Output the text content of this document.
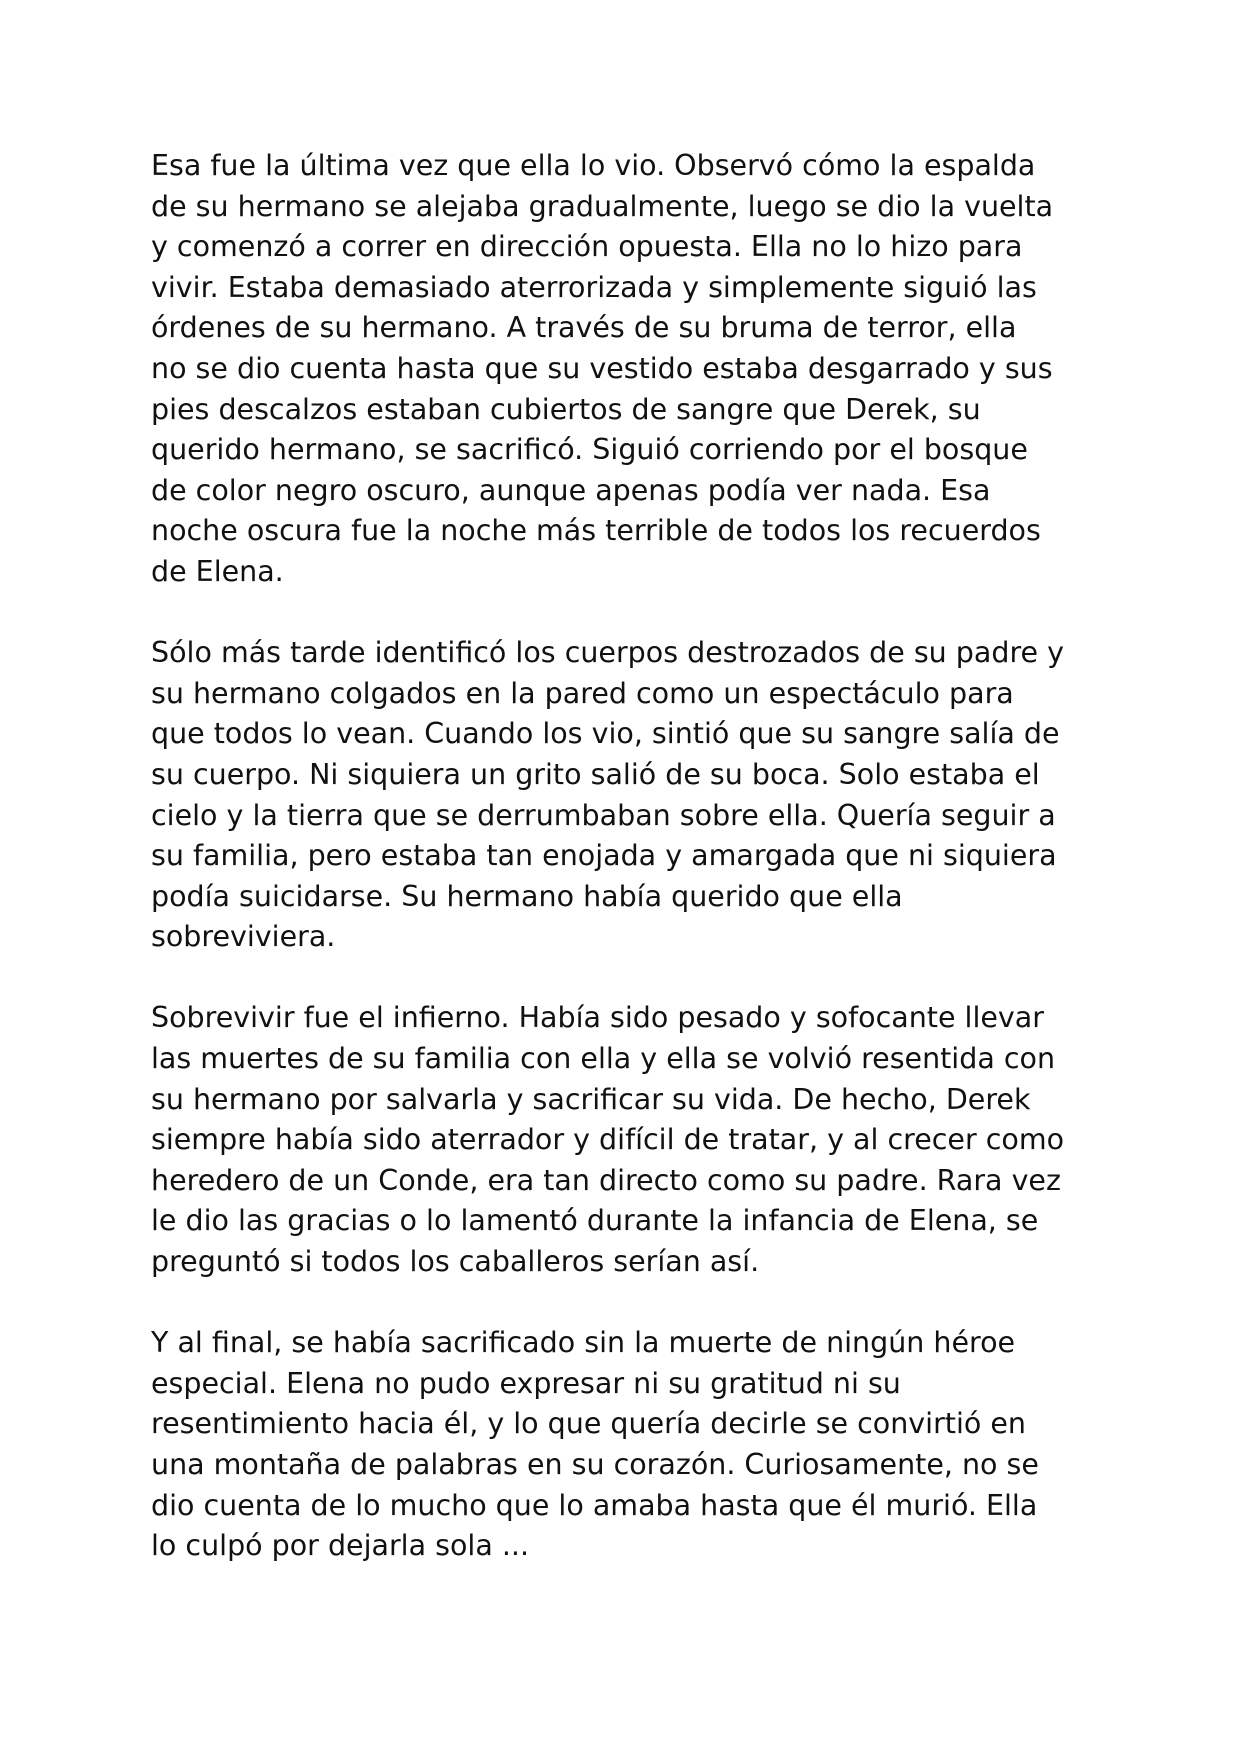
Esa fue la última vez que ella lo vio. Observó cómo la espalda
de su hermano se alejaba gradualmente, luego se dio la vuelta
y comenzó a correr en dirección opuesta. Ella no lo hizo para
vivir. Estaba demasiado aterrorizada y simplemente siguió las
órdenes de su hermano. A través de su bruma de terror, ella
no se dio cuenta hasta que su vestido estaba desgarrado y sus
pies descalzos estaban cubiertos de sangre que Derek, su
querido hermano, se sacrificó. Siguió corriendo por el bosque
de color negro oscuro, aunque apenas podía ver nada. Esa
noche oscura fue la noche más terrible de todos los recuerdos
de Elena.

Sólo más tarde identificó los cuerpos destrozados de su padre y
su hermano colgados en la pared como un espectáculo para
que todos lo vean. Cuando los vio, sintió que su sangre salía de
su cuerpo. Ni siquiera un grito salió de su boca. Solo estaba el
cielo y la tierra que se derrumbaban sobre ella. Quería seguir a
su familia, pero estaba tan enojada y amargada que ni siquiera
podía suicidarse. Su hermano había querido que ella
sobreviviera.

Sobrevivir fue el infierno. Había sido pesado y sofocante llevar
las muertes de su familia con ella y ella se volvió resentida con
su hermano por salvarla y sacrificar su vida. De hecho, Derek
siempre había sido aterrador y difícil de tratar, y al crecer como
heredero de un Conde, era tan directo como su padre. Rara vez
le dio las gracias o lo lamentó durante la infancia de Elena, se
preguntó si todos los caballeros serían así.

Y al final, se había sacrificado sin la muerte de ningún héroe
especial. Elena no pudo expresar ni su gratitud ni su
resentimiento hacia él, y lo que quería decirle se convirtió en
una montaña de palabras en su corazón. Curiosamente, no se
dio cuenta de lo mucho que lo amaba hasta que él murió. Ella
lo culpó por dejarla sola ...
